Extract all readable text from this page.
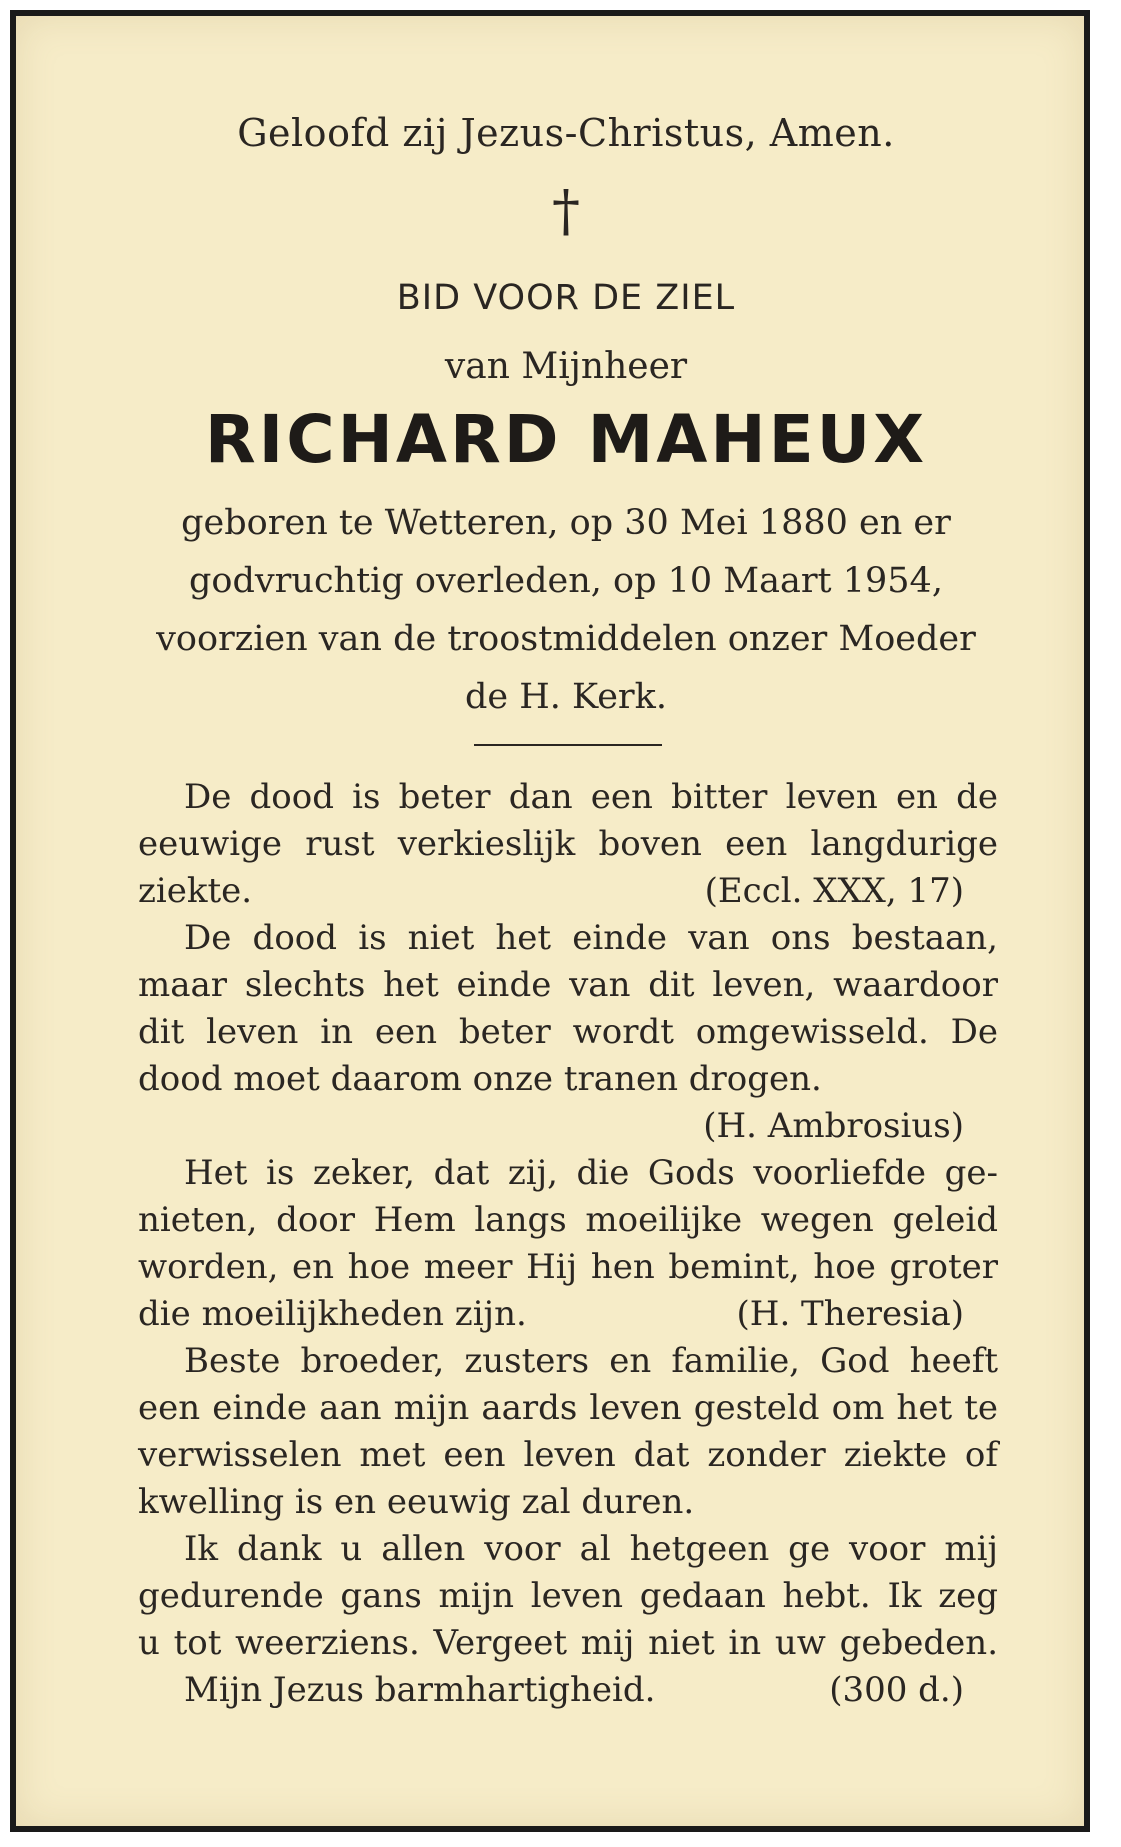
Geloofd zij Jezus-Christus, Amen.
†
BID VOOR DE ZIEL
van Mijnheer
RICHARD MAHEUX
geboren te Wetteren, op 30 Mei 1880 en er
godvruchtig overleden, op 10 Maart 1954,
voorzien van de troostmiddelen onzer Moeder
de H. Kerk.
De dood is beter dan een bitter leven en de
eeuwige rust verkieslijk boven een langdurige
ziekte.	(Eccl. XXX, 17)
De dood is niet het einde van ons bestaan,
maar slechts het einde van dit leven, waardoor
dit leven in een beter wordt omgewisseld. De
dood moet daarom onze tranen drogen.
(H. Ambrosius)
Het is zeker, dat zij, die Gods voorliefde ge-
nieten, door Hem langs moeilijke wegen geleid
worden, en hoe meer Hij hen bemint, hoe groter
die moeilijkheden zijn.	(H. Theresia)
Beste broeder, zusters en familie, God heeft
een einde aan mijn aards leven gesteld om het te
verwisselen met een leven dat zonder ziekte of
kwelling is en eeuwig zal duren.
Ik dank u allen voor al hetgeen ge voor mij
gedurende gans mijn leven gedaan hebt. Ik zeg
u tot weerziens. Vergeet mij niet in uw gebeden.
Mijn Jezus barmhartigheid.	(300 d.)
